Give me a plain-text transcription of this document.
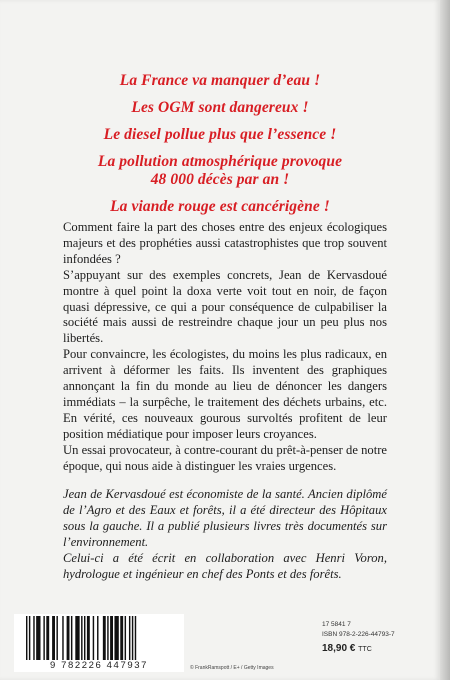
La France va manquer d’eau !

Les OGM sont dangereux !

Le diesel pollue plus que l’essence !

La pollution atmosphérique provoque

48 000 décès par an !

La viande rouge est cancérigène !

Comment faire la part des choses entre des enjeux écologiques majeurs et des prophéties aussi catastrophistes que trop souvent infondées ?

S’appuyant sur des exemples concrets, Jean de Kervasdoué montre à quel point la doxa verte voit tout en noir, de façon quasi dépressive, ce qui a pour conséquence de culpabiliser la société mais aussi de restreindre chaque jour un peu plus nos libertés.

Pour convaincre, les écologistes, du moins les plus radicaux, en arrivent à déformer les faits. Ils inventent des graphiques annonçant la fin du monde au lieu de dénoncer les dangers immédiats – la surpêche, le traitement des déchets urbains, etc. En vérité, ces nouveaux gourous survoltés profitent de leur position médiatique pour imposer leurs croyances.

Un essai provocateur, à contre-courant du prêt-à-penser de notre époque, qui nous aide à distinguer les vraies urgences.

Jean de Kervasdoué est économiste de la santé. Ancien diplômé de l’Agro et des Eaux et forêts, il a été directeur des Hôpitaux sous la gauche. Il a publié plusieurs livres très documentés sur l’environnement.

Celui-ci a été écrit en collaboration avec Henri Voron, hydrologue et ingénieur en chef des Ponts et des forêts.

9 782226 447937	© FrankRamspott / E+ / Getty Images
17 5841 7
ISBN 978-2-226-44793-7
18,90 € TTC
